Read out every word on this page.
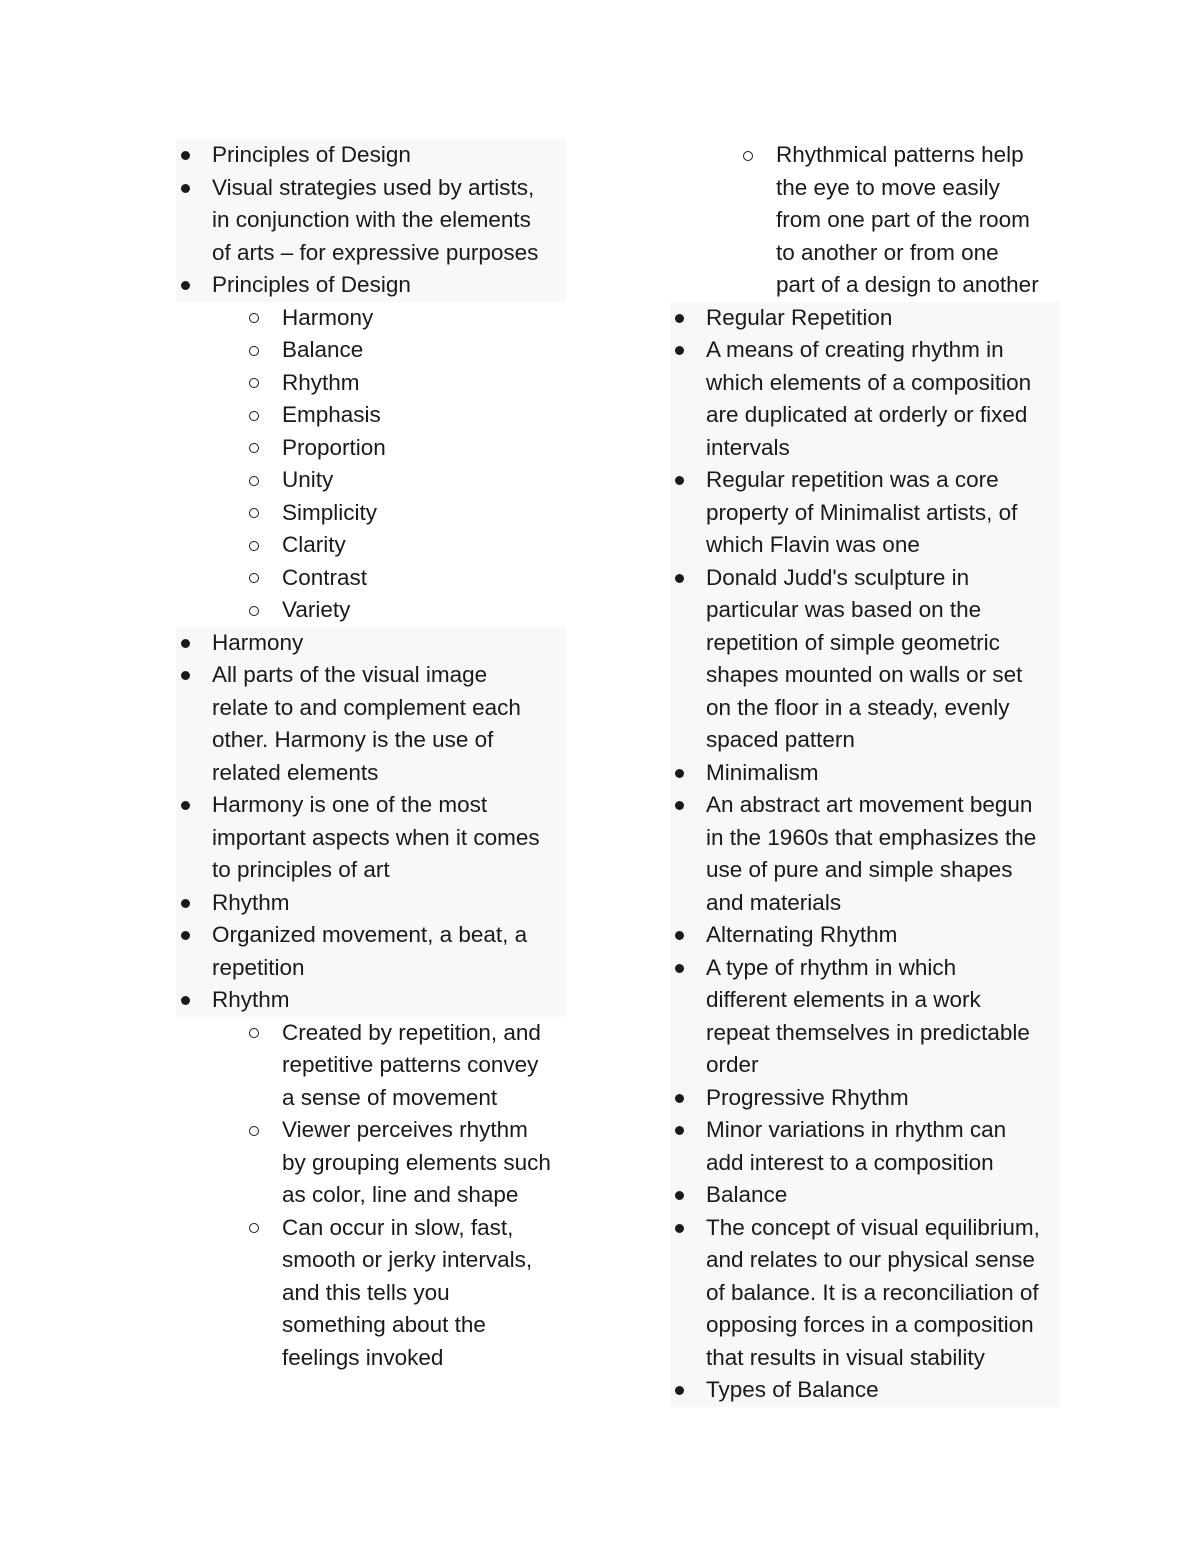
Principles of Design
Visual strategies used by artists,
in conjunction with the elements
of arts – for expressive purposes
Principles of Design
Harmony
Balance
Rhythm
Emphasis
Proportion
Unity
Simplicity
Clarity
Contrast
Variety
Harmony
All parts of the visual image
relate to and complement each
other. Harmony is the use of
related elements
Harmony is one of the most
important aspects when it comes
to principles of art
Rhythm
Organized movement, a beat, a
repetition
Rhythm
Created by repetition, and
repetitive patterns convey
a sense of movement
Viewer perceives rhythm
by grouping elements such
as color, line and shape
Can occur in slow, fast,
smooth or jerky intervals,
and this tells you
something about the
feelings invoked
Rhythmical patterns help
the eye to move easily
from one part of the room
to another or from one
part of a design to another
Regular Repetition
A means of creating rhythm in
which elements of a composition
are duplicated at orderly or fixed
intervals
Regular repetition was a core
property of Minimalist artists, of
which Flavin was one
Donald Judd's sculpture in
particular was based on the
repetition of simple geometric
shapes mounted on walls or set
on the floor in a steady, evenly
spaced pattern
Minimalism
An abstract art movement begun
in the 1960s that emphasizes the
use of pure and simple shapes
and materials
Alternating Rhythm
A type of rhythm in which
different elements in a work
repeat themselves in predictable
order
Progressive Rhythm
Minor variations in rhythm can
add interest to a composition
Balance
The concept of visual equilibrium,
and relates to our physical sense
of balance. It is a reconciliation of
opposing forces in a composition
that results in visual stability
Types of Balance
